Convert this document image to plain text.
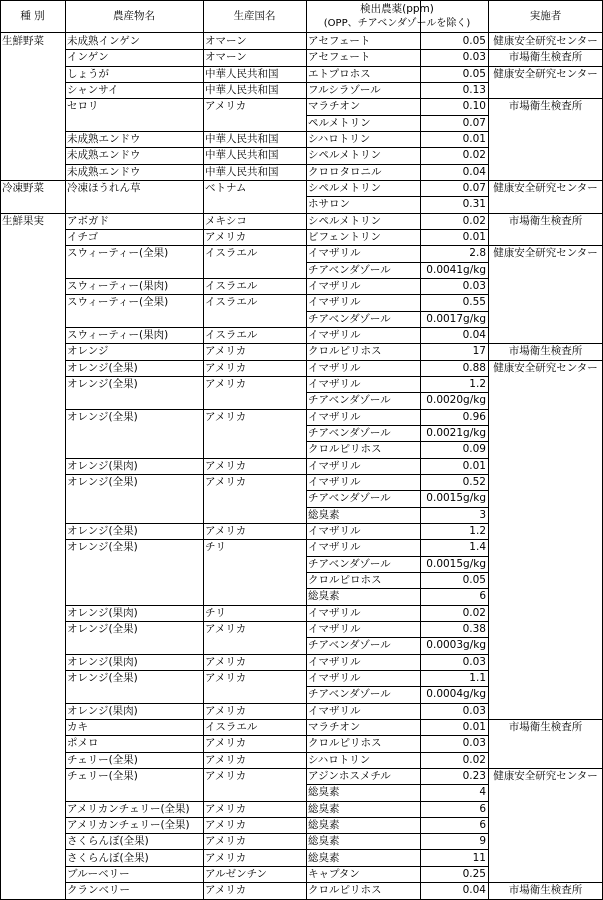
種 別	農産物名	生産国名
検出農薬(ppm)
(OPP、チアベンダゾールを除く)
実施者
生鮮野菜	未成熟インゲン	オマーン	アセフェート	0.05 健康安全研究センター
インゲン	オマーン	アセフェート	0.03	市場衛生検査所
しょうが	中華人民共和国	エトプロホス	0.05 健康安全研究センター
シャンサイ	中華人民共和国	フルシラゾール	0.13
セロリ	アメリカ	マラチオン	0.10	市場衛生検査所
ペルメトリン	0.07
未成熟エンドウ	中華人民共和国	シハロトリン	0.01
未成熟エンドウ	中華人民共和国	シペルメトリン	0.02
未成熟エンドウ	中華人民共和国	クロロタロニル	0.04
冷凍野菜	冷凍ほうれん草	ベトナム	シペルメトリン	0.07 健康安全研究センター
ホサロン	0.31
生鮮果実	アボガド	メキシコ	シペルメトリン	0.02	市場衛生検査所
イチゴ	アメリカ	ビフェントリン	0.01
スウィーティー(全果)	イスラエル	イマザリル	2.8 健康安全研究センター
チアベンダゾール	0.0041g/kg
スウィーティー(果肉)	イスラエル	イマザリル	0.03
スウィーティー(全果)	イスラエル	イマザリル	0.55
チアベンダゾール	0.0017g/kg
スウィーティー(果肉)	イスラエル	イマザリル	0.04
オレンジ	アメリカ	クロルピリホス	17	市場衛生検査所
オレンジ(全果)	アメリカ	イマザリル	0.88 健康安全研究センター
オレンジ(全果)	アメリカ	イマザリル	1.2
チアベンダゾール	0.0020g/kg
オレンジ(全果)	アメリカ	イマザリル	0.96
チアベンダゾール	0.0021g/kg
クロルピリホス	0.09
オレンジ(果肉)	アメリカ	イマザリル	0.01
オレンジ(全果)	アメリカ	イマザリル	0.52
チアベンダゾール	0.0015g/kg
総臭素	3
オレンジ(全果)	アメリカ	イマザリル	1.2
オレンジ(全果)	チリ	イマザリル	1.4
チアベンダゾール	0.0015g/kg
クロルピロホス	0.05
総臭素	6
オレンジ(果肉)	チリ	イマザリル	0.02
オレンジ(全果)	アメリカ	イマザリル	0.38
チアベンダゾール	0.0003g/kg
オレンジ(果肉)	アメリカ	イマザリル	0.03
オレンジ(全果)	アメリカ	イマザリル	1.1
チアベンダゾール	0.0004g/kg
オレンジ(果肉)	アメリカ	イマザリル	0.03
カキ	イスラエル	マラチオン	0.01	市場衛生検査所
ポメロ	アメリカ	クロルピリホス	0.03
チェリー(全果)	アメリカ	シハロトリン	0.02
チェリー(全果)	アメリカ	アジンホスメチル	0.23 健康安全研究センター
総臭素	4
アメリカンチェリー(全果)	アメリカ	総臭素	6
アメリカンチェリー(全果)	アメリカ	総臭素	6
さくらんぼ(全果)	アメリカ	総臭素	9
さくらんぼ(全果)	アメリカ	総臭素	11
ブルーベリー	アルゼンチン	キャプタン	0.25
クランベリー	アメリカ	クロルピリホス	0.04	市場衛生検査所
